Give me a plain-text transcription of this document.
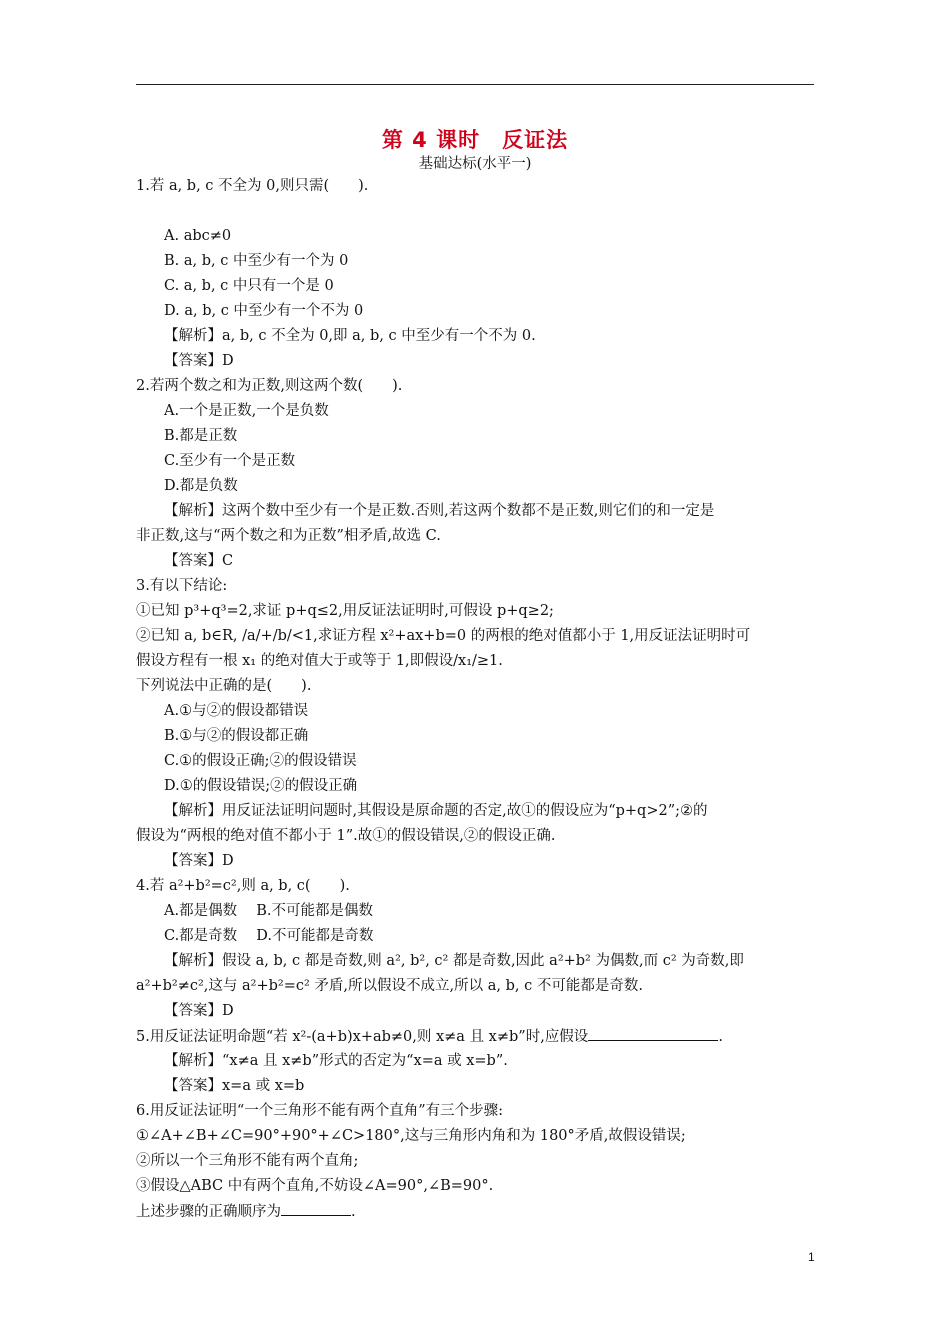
第 4 课时　反证法
基础达标(水平一)
1.若 a, b, c 不全为 0,则只需(　　).
A. abc≠0
B. a, b, c 中至少有一个为 0
C. a, b, c 中只有一个是 0
D. a, b, c 中至少有一个不为 0
【解析】a, b, c 不全为 0,即 a, b, c 中至少有一个不为 0.
【答案】D
2.若两个数之和为正数,则这两个数(　　).
A.一个是正数,一个是负数
B.都是正数
C.至少有一个是正数
D.都是负数
【解析】这两个数中至少有一个是正数.否则,若这两个数都不是正数,则它们的和一定是
非正数,这与“两个数之和为正数”相矛盾,故选 C.
【答案】C
3.有以下结论:
①已知 p³+q³=2,求证 p+q≤2,用反证法证明时,可假设 p+q≥2;
②已知 a, b∈R, /a/+/b/<1,求证方程 x²+ax+b=0 的两根的绝对值都小于 1,用反证法证明时可
假设方程有一根 x₁ 的绝对值大于或等于 1,即假设/x₁/≥1.
下列说法中正确的是(　　).
A.①与②的假设都错误
B.①与②的假设都正确
C.①的假设正确;②的假设错误
D.①的假设错误;②的假设正确
【解析】用反证法证明问题时,其假设是原命题的否定,故①的假设应为“p+q>2”;②的
假设为“两根的绝对值不都小于 1”.故①的假设错误,②的假设正确.
【答案】D
4.若 a²+b²=c²,则 a, b, c(　　).
A.都是偶数　 B.不可能都是偶数
C.都是奇数　 D.不可能都是奇数
【解析】假设 a, b, c 都是奇数,则 a², b², c² 都是奇数,因此 a²+b² 为偶数,而 c² 为奇数,即
a²+b²≠c²,这与 a²+b²=c² 矛盾,所以假设不成立,所以 a, b, c 不可能都是奇数.
【答案】D
5.用反证法证明命题“若 x²-(a+b)x+ab≠0,则 x≠a 且 x≠b”时,应假设	.
【解析】“x≠a 且 x≠b”形式的否定为“x=a 或 x=b”.
【答案】x=a 或 x=b
6.用反证法证明“一个三角形不能有两个直角”有三个步骤:
①∠A+∠B+∠C=90°+90°+∠C>180°,这与三角形内角和为 180°矛盾,故假设错误;
②所以一个三角形不能有两个直角;
③假设△ABC 中有两个直角,不妨设∠A=90°,∠B=90°.
上述步骤的正确顺序为	.
1
